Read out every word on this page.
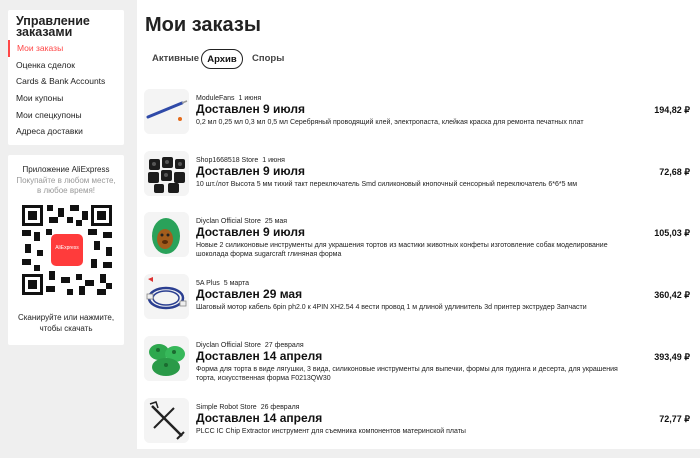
Управление заказами
Мои заказы
Оценка сделок
Cards & Bank Accounts
Мои купоны
Мои спецкупоны
Адреса доставки
Приложение AliExpress
Покупайте в любом месте, в любое время!
AliExpress
Сканируйте или нажмите, чтобы скачать
Мои заказы
Активные Архив	Споры
ModuleFans 1 июня
Доставлен 9 июля
0,2 мл 0,25 мл 0,3 мл 0,5 мл Серебряный проводящий клей, электропаста, клейкая краска для ремонта печатных плат
194,82 ₽
Shop1668518 Store 1 июня
Доставлен 9 июля
10 шт./лот Высота 5 мм тихий такт переключатель Smd силиконовый кнопочный сенсорный переключатель 6*6*5 мм
72,68 ₽
Diyclan Official Store 25 мая
Доставлен 9 июля
Новые 2 силиконовые инструменты для украшения тортов из мастики животных конфеты изготовление собак моделирование шоколада форма sugarcraft глиняная форма
105,03 ₽
5A Plus 5 марта
Доставлен 29 мая
Шаговый мотор кабель 6pin ph2.0 к 4PIN XH2.54 4 вести провод 1 м длиной удлинитель 3d принтер экструдер Запчасти
360,42 ₽
Diyclan Official Store 27 февраля
Доставлен 14 апреля
Форма для торта в виде лягушки, 3 вида, силиконовые инструменты для выпечки, формы для пудинга и десерта, для украшения торта, искусственная форма F0213QW30
393,49 ₽
Simple Robot Store 26 февраля
Доставлен 14 апреля
PLCC IC Chip Extractor инструмент для съемника компонентов материнской платы
72,77 ₽
